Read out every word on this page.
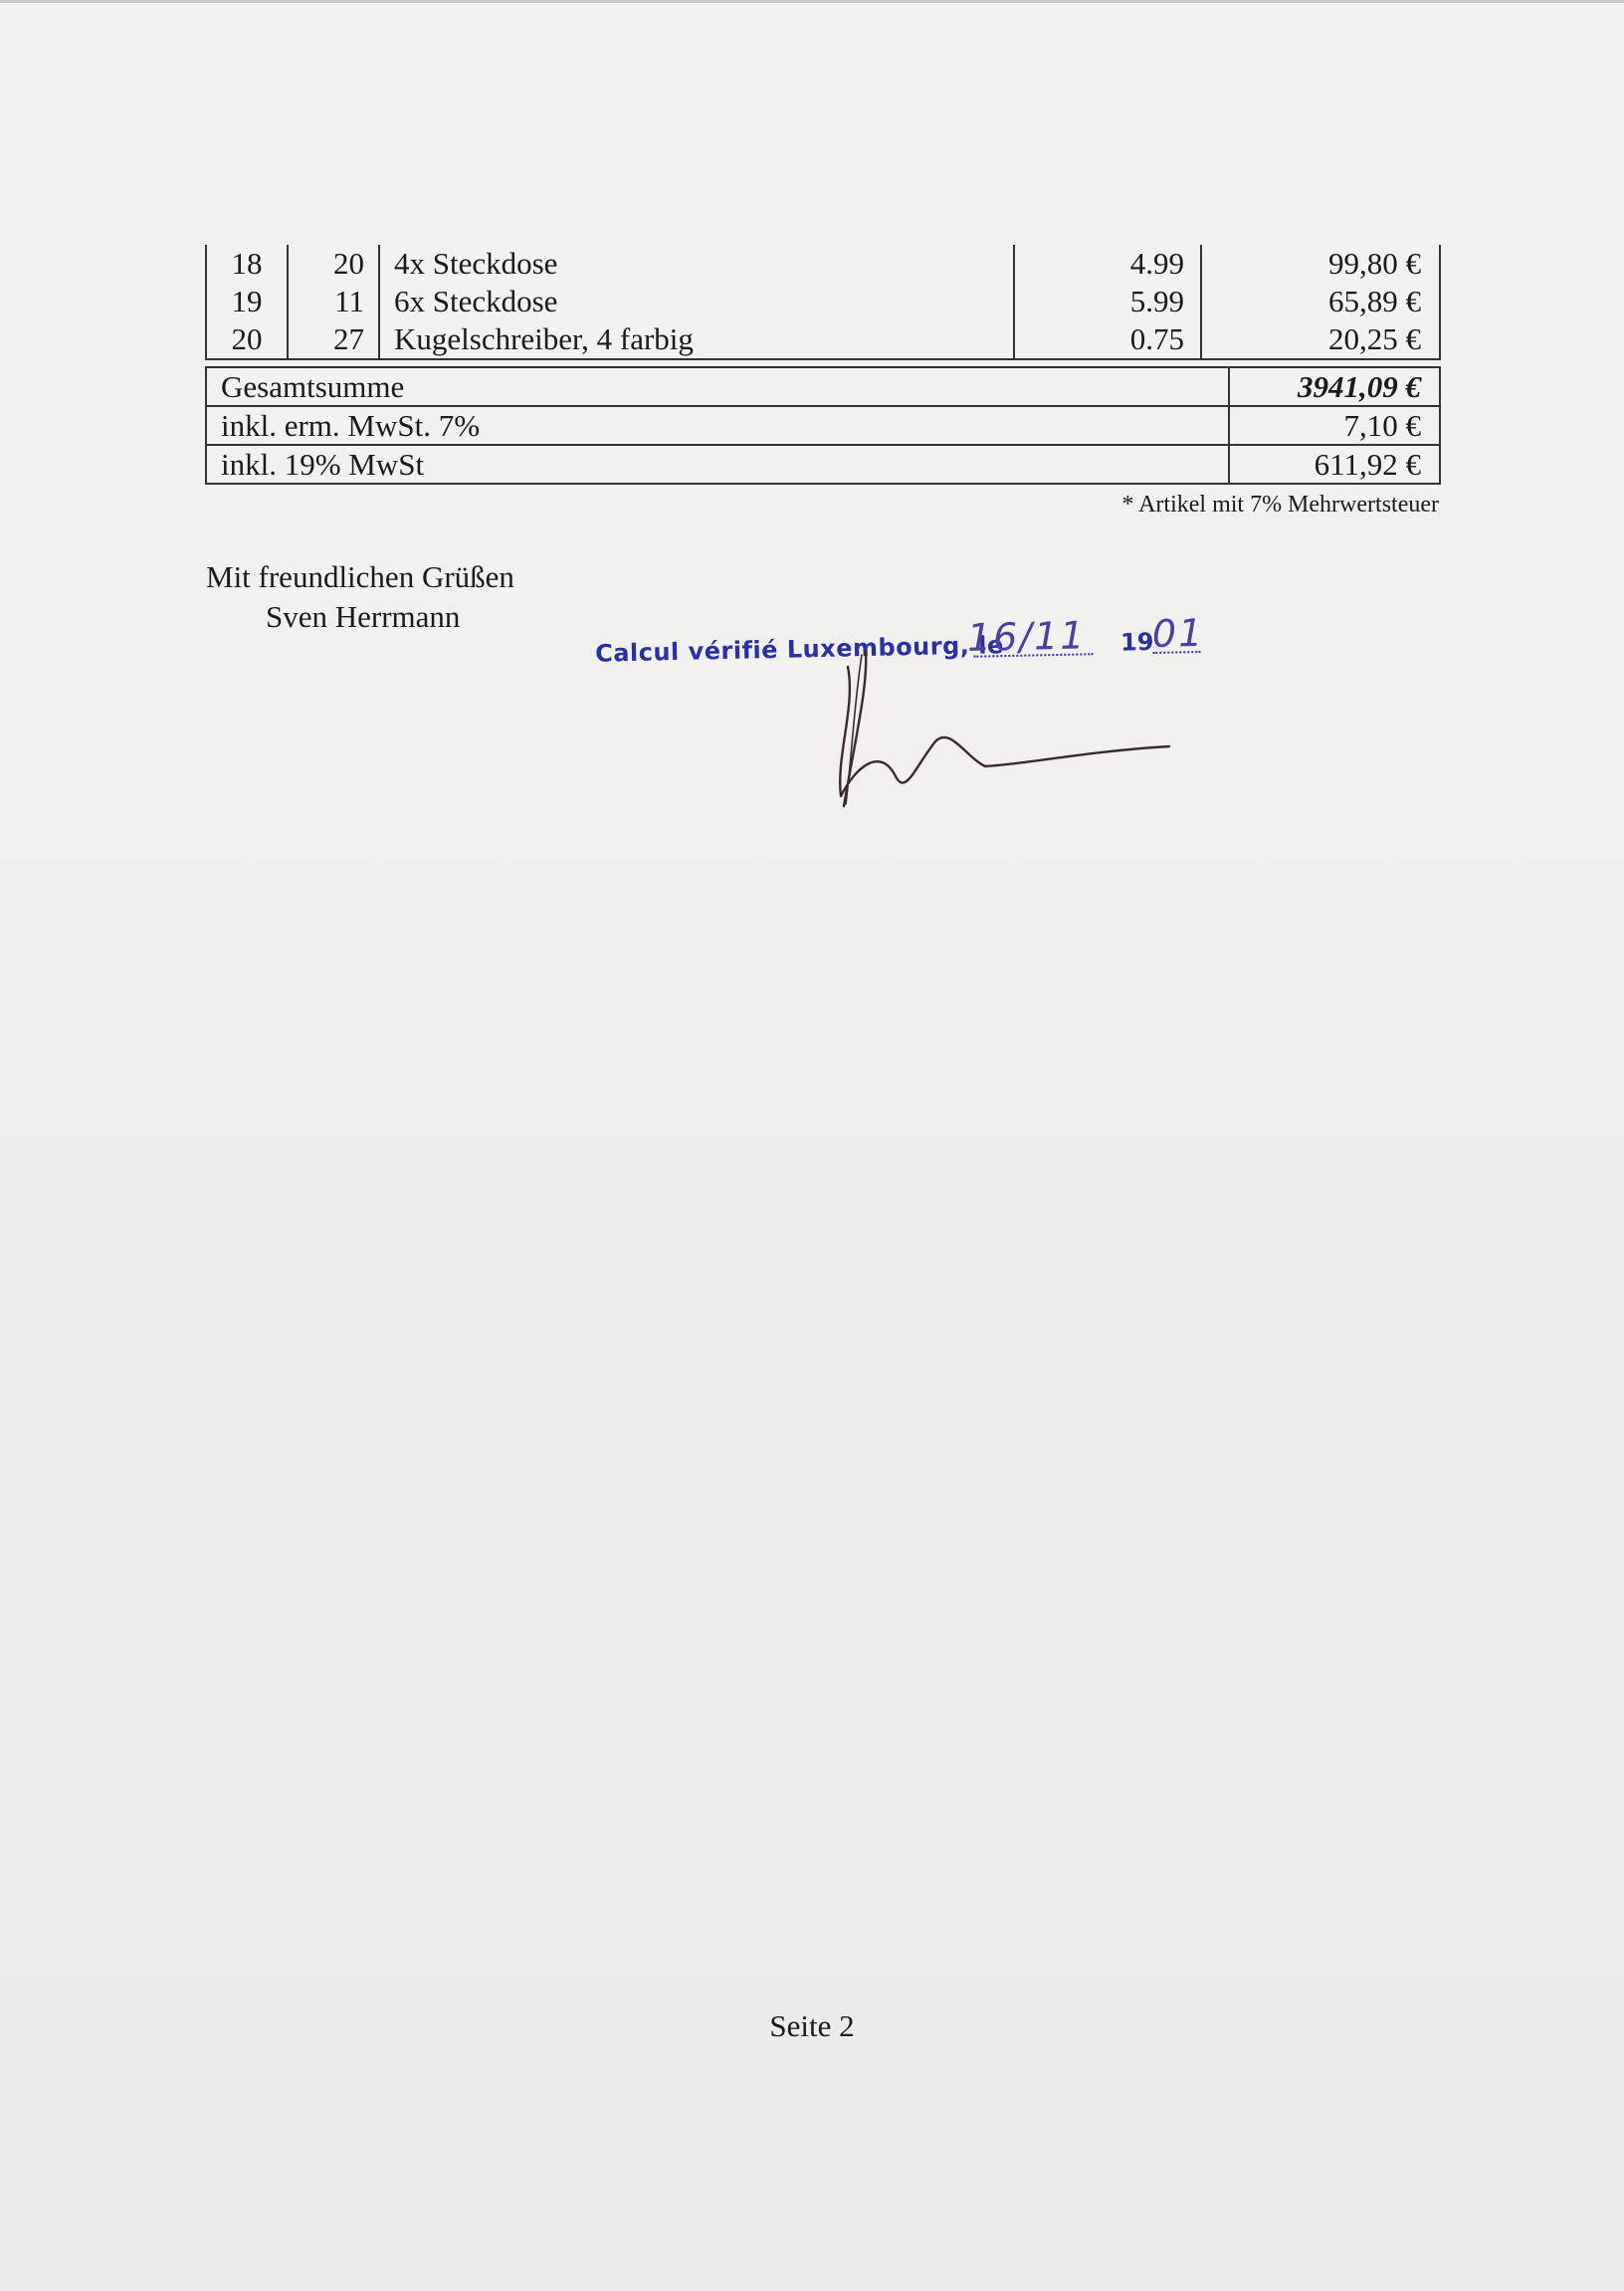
18	20	4x Steckdose	4.99	99,80 €
19	11	6x Steckdose	5.99	65,89 €
20	27	Kugelschreiber, 4 farbig	0.75	20,25 €
Gesamtsumme	3941,09 €
inkl. erm. MwSt. 7%	7,10 €
inkl. 19% MwSt	611,92 €
* Artikel mit 7% Mehrwertsteuer
Mit freundlichen Grüßen
Sven Herrmann
Calcul vérifié Luxembourg, le
16/11 19
01
Seite 2
